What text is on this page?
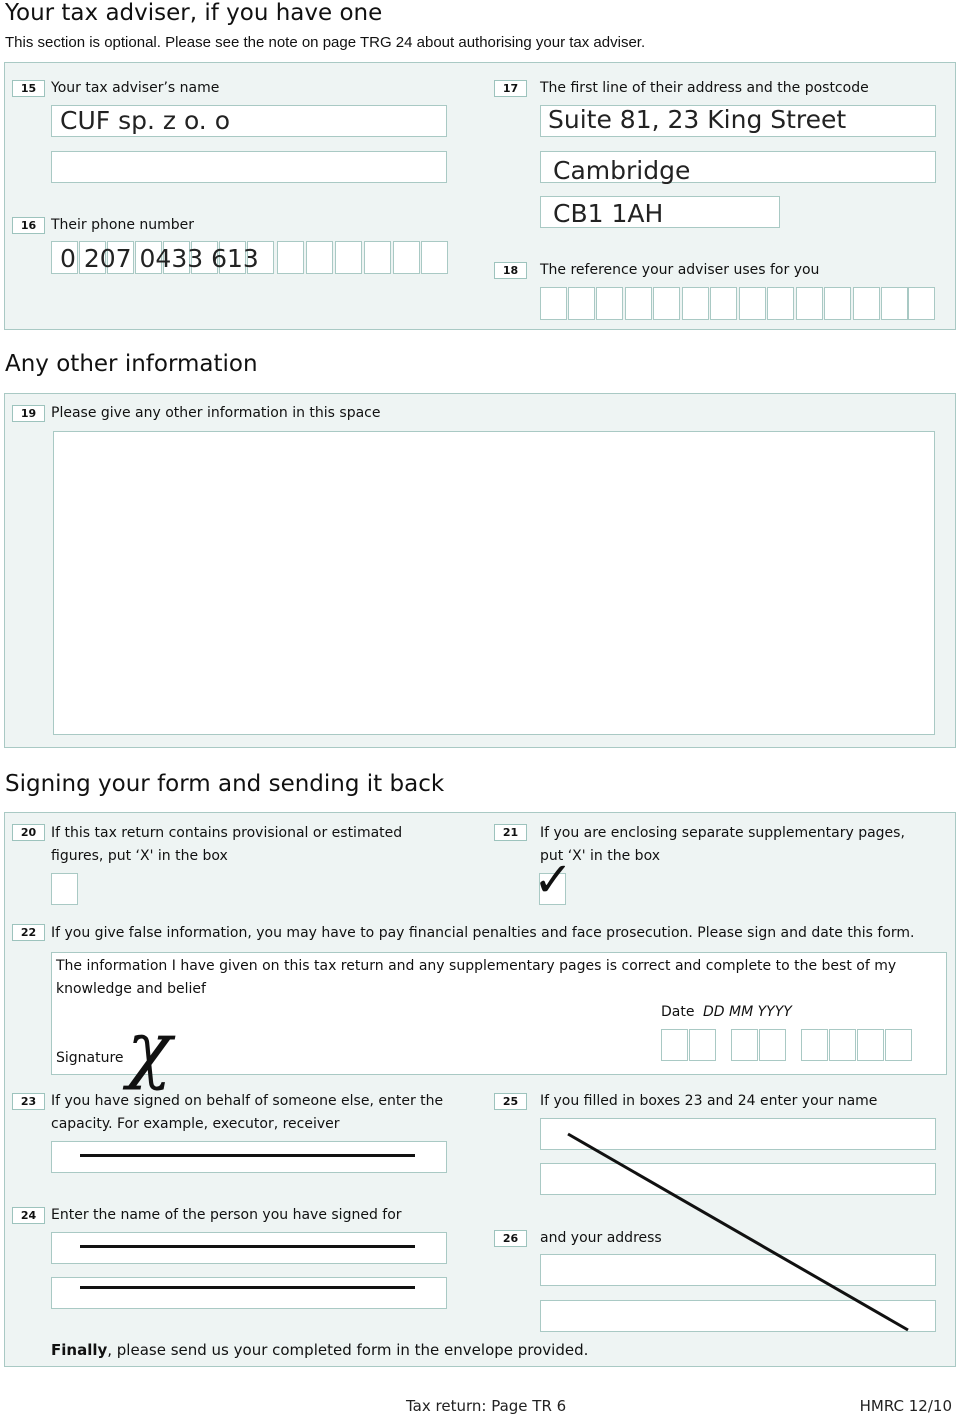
Your tax adviser, if you have one
This section is optional. Please see the note on page TRG 24 about authorising your tax adviser.
15	Your tax adviser’s name
CUF sp. z o. o
16	Their phone number
0 207 0433 613
17	The first line of their address and the postcode
Suite 81, 23 King Street
Cambridge
CB1 1AH
18	The reference your adviser uses for you
Any other information
19	Please give any other information in this space
Signing your form and sending it back
20	If this tax return contains provisional or estimated
figures, put ‘X' in the box
21	If you are enclosing separate supplementary pages,
put ‘X' in the box
✓
22	If you give false information, you may have to pay financial penalties and face prosecution. Please sign and date this form.
The information I have given on this tax return and any supplementary pages is correct and complete to the best of my
knowledge and belief
Date DD MM YYYY
Signature χ
23	If you have signed on behalf of someone else, enter the
capacity. For example, executor, receiver
24	Enter the name of the person you have signed for
25	If you filled in boxes 23 and 24 enter your name
26	and your address
Finally, please send us your completed form in the envelope provided.
Tax return: Page TR 6	HMRC 12/10
